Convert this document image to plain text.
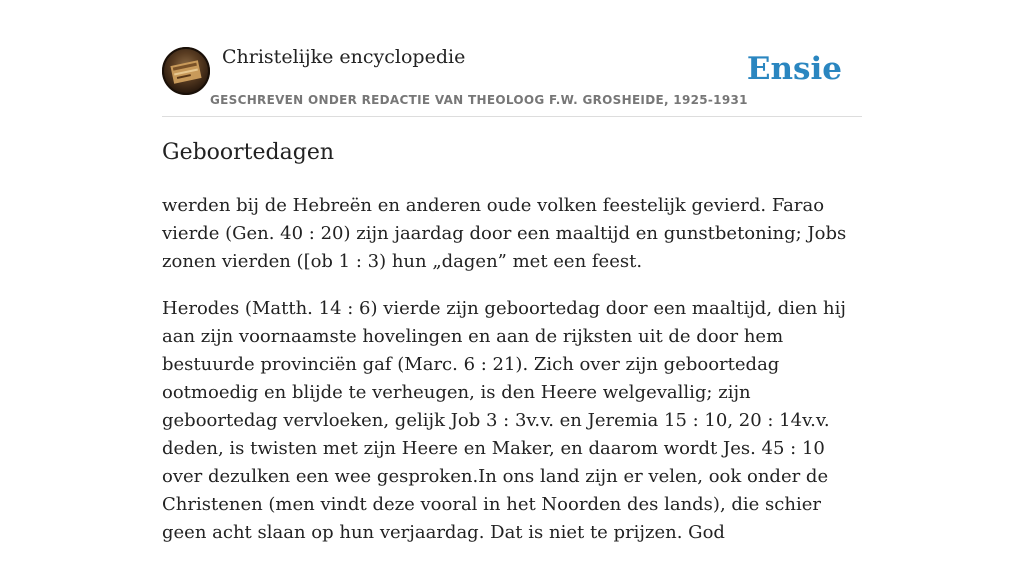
Christelijke encyclopedie
GESCHREVEN ONDER REDACTIE VAN THEOLOOG F.W. GROSHEIDE, 1925-1931
Ensie
Geboortedagen

werden bij de Hebreën en anderen oude volken feestelijk gevierd. Farao vierde (Gen. 40 : 20) zijn jaardag door een maaltijd en gunstbetoning; Jobs zonen vierden ([ob 1 : 3) hun „dagen” met een feest.

Herodes (Matth. 14 : 6) vierde zijn geboortedag door een maaltijd, dien hij aan zijn voornaamste hovelingen en aan de rijksten uit de door hem bestuurde provinciën gaf (Marc. 6 : 21). Zich over zijn geboortedag ootmoedig en blijde te verheugen, is den Heere welgevallig; zijn geboortedag vervloeken, gelijk Job 3 : 3v.v. en Jeremia 15 : 10, 20 : 14v.v. deden, is twisten met zijn Heere en Maker, en daarom wordt Jes. 45 : 10 over dezulken een wee gesproken.In ons land zijn er velen, ook onder de Christenen (men vindt deze vooral in het Noorden des lands), die schier geen acht slaan op hun verjaardag. Dat is niet te prijzen. God
